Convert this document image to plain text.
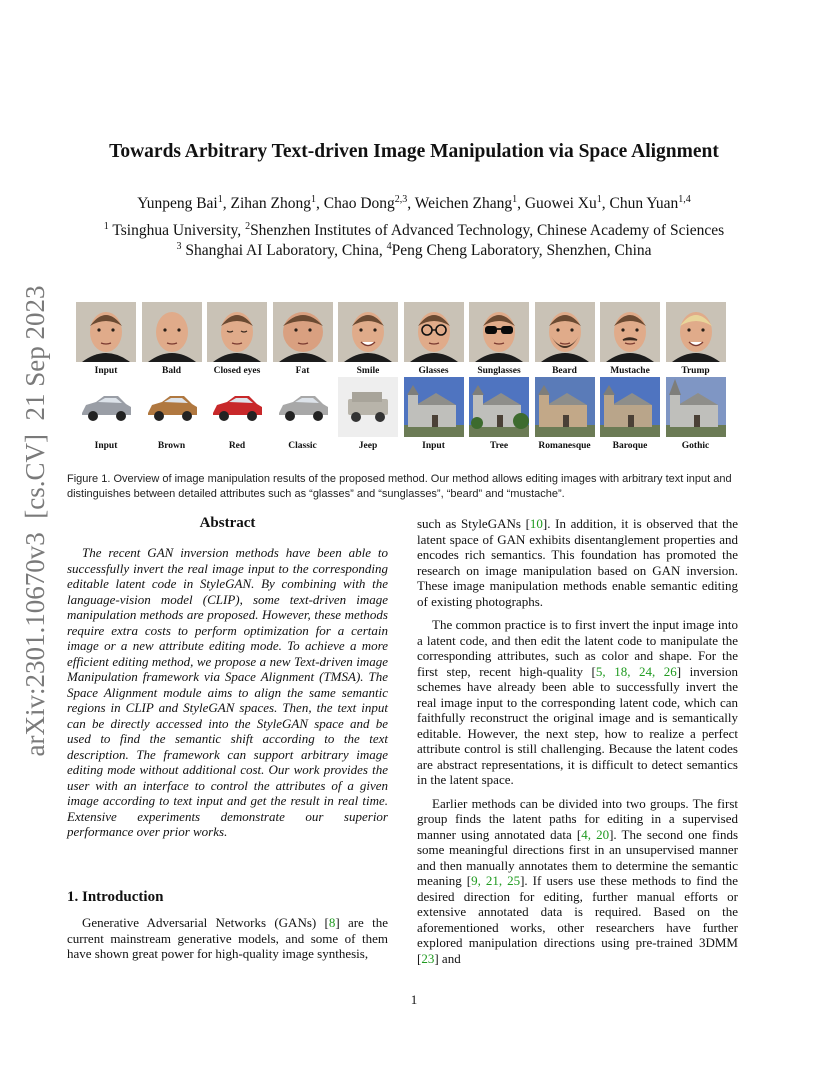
arXiv:2301.10670v3  [cs.CV]  21 Sep 2023
Towards Arbitrary Text-driven Image Manipulation via Space Alignment
Yunpeng Bai$^1$, Zihan Zhong$^1$, Chao Dong$^{2,3}$, Weichen Zhang$^1$, Guowei Xu$^1$, Chun Yuan$^{1,4}$
$^1$ Tsinghua University, $^2$Shenzhen Institutes of Advanced Technology, Chinese Academy of Sciences
$^3$ Shanghai AI Laboratory, China, $^4$Peng Cheng Laboratory, Shenzhen, China
Input	Bald	Closed eyes	Fat	Smile	Glasses	Sunglasses	Beard	Mustache	Trump
Input	Brown	Red	Classic	Jeep	Input	Tree	Romanesque	Baroque	Gothic
Figure 1. Overview of image manipulation results of the proposed method. Our method allows editing images with arbitrary text input and distinguishes between detailed attributes such as “glasses” and “sunglasses”, “beard” and “mustache”.
Abstract

The recent GAN inversion methods have been able to successfully invert the real image input to the corresponding editable latent code in StyleGAN. By combining with the language-vision model (CLIP), some text-driven image manipulation methods are proposed. However, these methods require extra costs to perform optimization for a certain image or a new attribute editing mode. To achieve a more efficient editing method, we propose a new Text-driven image Manipulation framework via Space Alignment (TMSA). The Space Alignment module aims to align the same semantic regions in CLIP and StyleGAN spaces. Then, the text input can be directly accessed into the StyleGAN space and be used to find the semantic shift according to the text description. The framework can support arbitrary image editing mode without additional cost. Our work provides the user with an interface to control the attributes of a given image according to text input and get the result in real time. Extensive experiments demonstrate our superior performance over prior works.

1. Introduction

Generative Adversarial Networks (GANs) [8] are the current mainstream generative models, and some of them have shown great power for high-quality image synthesis,

such as StyleGANs [10]. In addition, it is observed that the latent space of GAN exhibits disentanglement properties and encodes rich semantics. This foundation has promoted the research on image manipulation based on GAN inversion. These image manipulation methods enable semantic editing of existing photographs.

The common practice is to first invert the input image into a latent code, and then edit the latent code to manipulate the corresponding attributes, such as color and shape. For the first step, recent high-quality [5, 18, 24, 26] inversion schemes have already been able to successfully invert the real image input to the corresponding latent code, which can faithfully reconstruct the original image and is semantically editable. However, the next step, how to realize a perfect attribute control is still challenging. Because the latent codes are abstract representations, it is difficult to detect semantics in the latent space.

Earlier methods can be divided into two groups. The first group finds the latent paths for editing in a supervised manner using annotated data [4, 20]. The second one finds some meaningful directions first in an unsupervised manner and then manually annotates them to determine the semantic meaning [9, 21, 25]. If users use these methods to find the desired direction for editing, further manual efforts or extensive annotated data is required. Based on the aforementioned works, other researchers have further explored manipulation directions using pre-trained 3DMM [23] and

1
